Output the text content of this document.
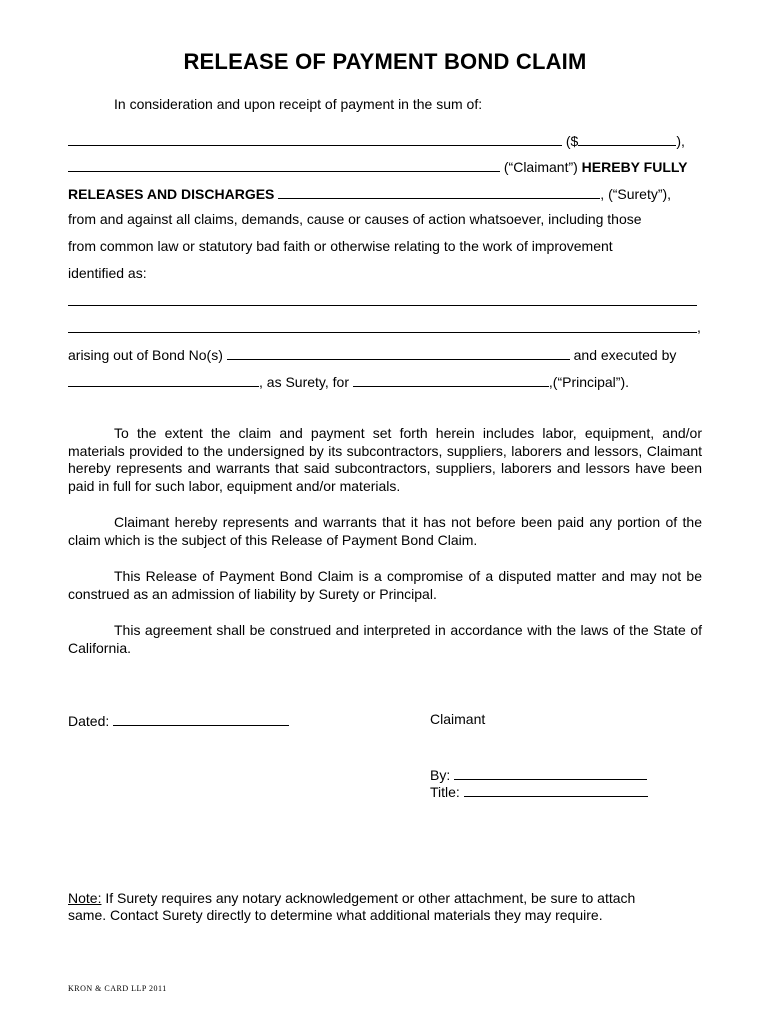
RELEASE OF PAYMENT BOND CLAIM
In consideration and upon receipt of payment in the sum of:
($	),
(“Claimant”) HEREBY FULLY
RELEASES AND DISCHARGES	, (“Surety”),
from and against all claims, demands, cause or causes of action whatsoever, including those
from common law or statutory bad faith or otherwise relating to the work of improvement
identified as:
,
arising out of Bond No(s)	and executed by
, as Surety, for	,(“Principal”).
To the extent the claim and payment set forth herein includes labor, equipment, and/or materials provided to the undersigned by its subcontractors, suppliers, laborers and lessors, Claimant hereby represents and warrants that said subcontractors, suppliers, laborers and lessors have been paid in full for such labor, equipment and/or materials.
Claimant hereby represents and warrants that it has not before been paid any portion of the claim which is the subject of this Release of Payment Bond Claim.
This Release of Payment Bond Claim is a compromise of a disputed matter and may not be construed as an admission of liability by Surety or Principal.
This agreement shall be construed and interpreted in accordance with the laws of the State of California.
Dated:	Claimant
By:
Title:
Note: If Surety requires any notary acknowledgement or other attachment, be sure to attach
same. Contact Surety directly to determine what additional materials they may require.
KRON & CARD LLP 2011
